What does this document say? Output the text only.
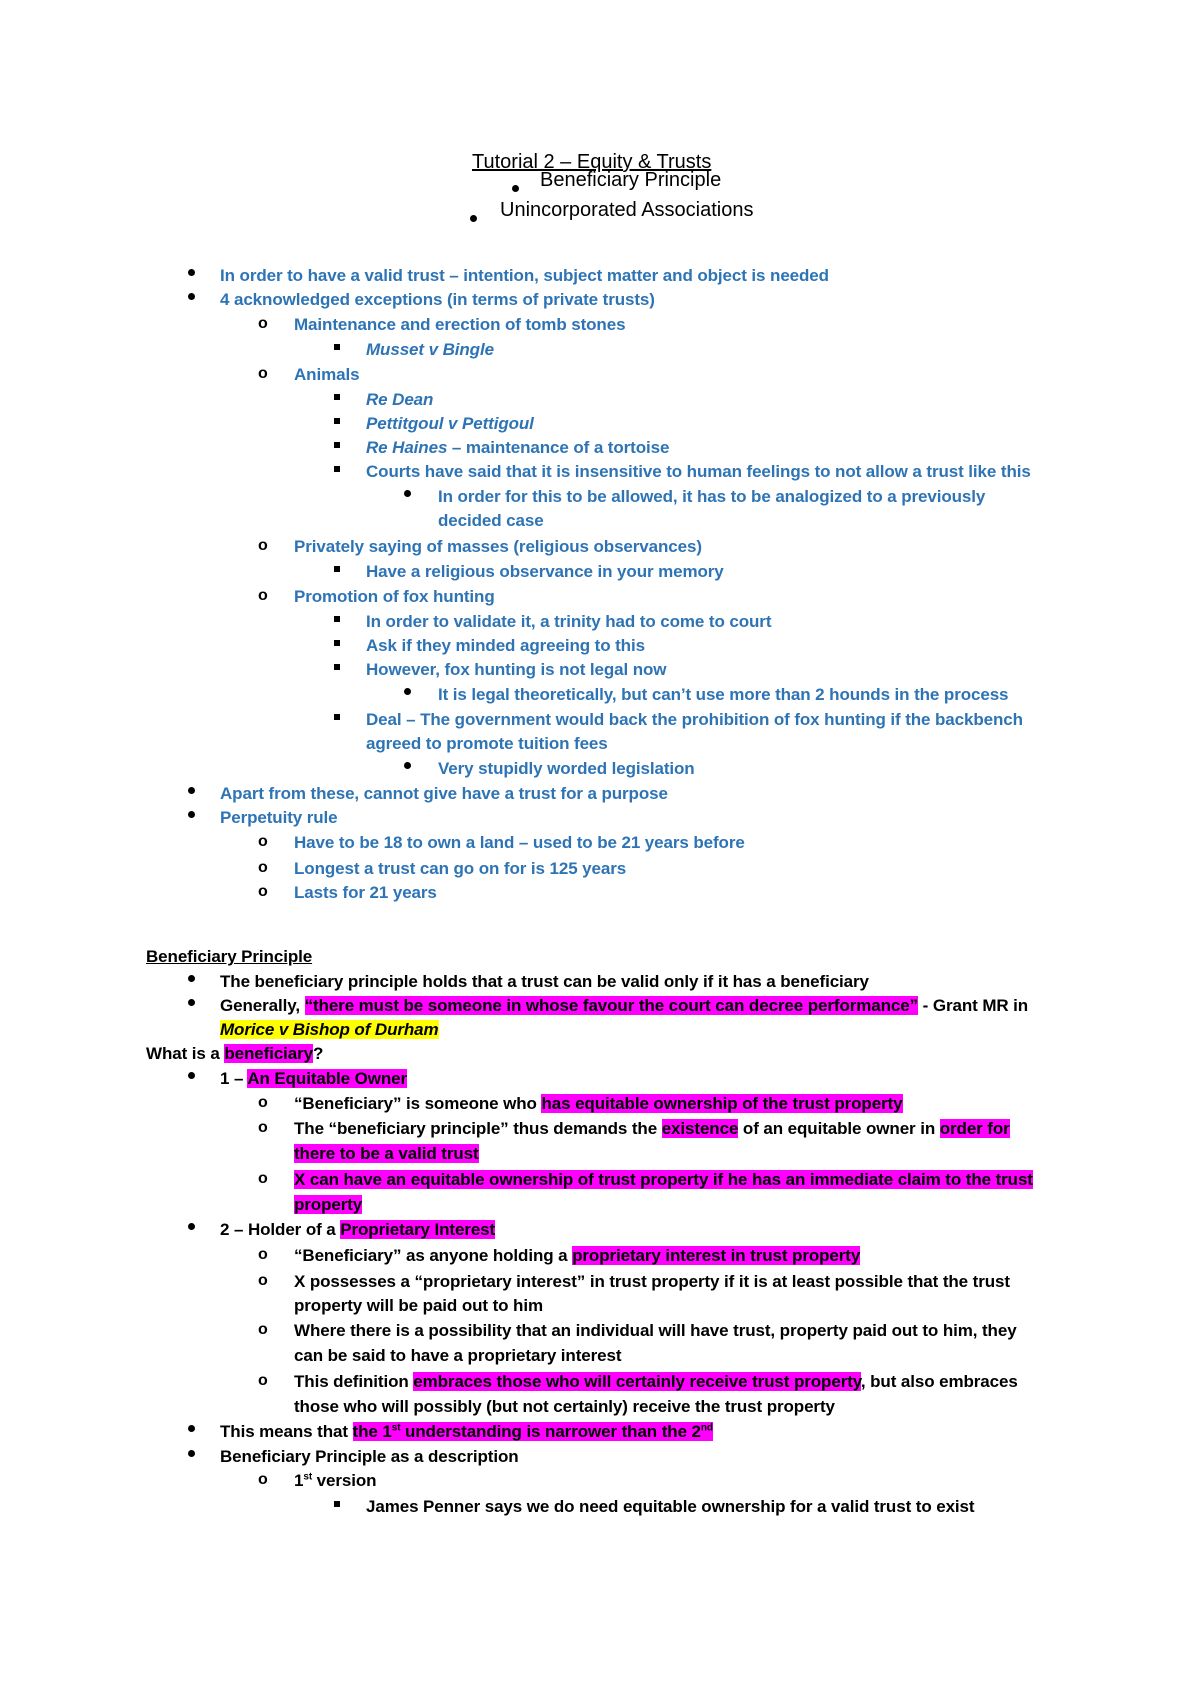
Tutorial 2 – Equity & Trusts
Beneficiary Principle
Unincorporated Associations
In order to have a valid trust – intention, subject matter and object is needed
4 acknowledged exceptions (in terms of private trusts)
o Maintenance and erection of tomb stones
Musset v Bingle
o Animals
Re Dean
Pettitgoul v Pettigoul
Re Haines – maintenance of a tortoise
Courts have said that it is insensitive to human feelings to not allow a trust like this
In order for this to be allowed, it has to be analogized to a previously
decided case
o Privately saying of masses (religious observances)
Have a religious observance in your memory
o Promotion of fox hunting
In order to validate it, a trinity had to come to court
Ask if they minded agreeing to this
However, fox hunting is not legal now
It is legal theoretically, but can’t use more than 2 hounds in the process
Deal – The government would back the prohibition of fox hunting if the backbench
agreed to promote tuition fees
Very stupidly worded legislation
Apart from these, cannot give have a trust for a purpose
Perpetuity rule
o Have to be 18 to own a land – used to be 21 years before
o Longest a trust can go on for is 125 years
o Lasts for 21 years
Beneficiary Principle
The beneficiary principle holds that a trust can be valid only if it has a beneficiary
Generally, “there must be someone in whose favour the court can decree performance” - Grant MR in
Morice v Bishop of Durham
What is a beneficiary?
1 – An Equitable Owner
o “Beneficiary” is someone who has equitable ownership of the trust property
o The “beneficiary principle” thus demands the existence of an equitable owner in order for
there to be a valid trust
o X can have an equitable ownership of trust property if he has an immediate claim to the trust
property
2 – Holder of a Proprietary Interest
o “Beneficiary” as anyone holding a proprietary interest in trust property
o X possesses a “proprietary interest” in trust property if it is at least possible that the trust
property will be paid out to him
o Where there is a possibility that an individual will have trust, property paid out to him, they
can be said to have a proprietary interest
o This definition embraces those who will certainly receive trust property, but also embraces
those who will possibly (but not certainly) receive the trust property
This means that the 1st understanding is narrower than the 2nd
Beneficiary Principle as a description
o 1st version
James Penner says we do need equitable ownership for a valid trust to exist
